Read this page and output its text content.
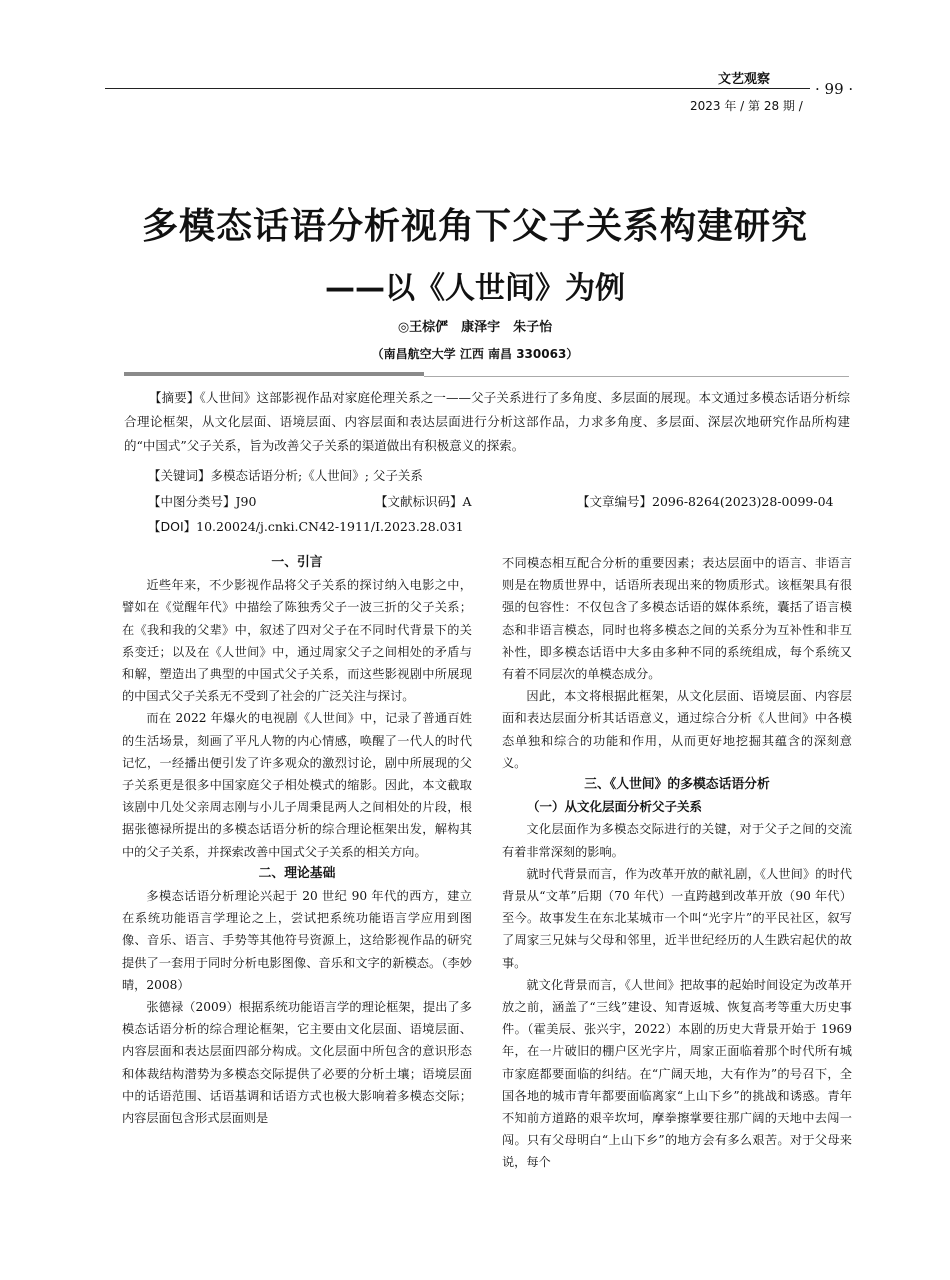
文艺观察
· 99 ·
2023 年 / 第 28 期 /
多模态话语分析视角下父子关系构建研究
——以《人世间》为例
◎王棕俨　康泽宇　朱子怡
（南昌航空大学 江西 南昌 330063）
【摘要】《人世间》这部影视作品对家庭伦理关系之一——父子关系进行了多角度、多层面的展现。本文通过多模态话语分析综合理论框架，从文化层面、语境层面、内容层面和表达层面进行分析这部作品，力求多角度、多层面、深层次地研究作品所构建的“中国式”父子关系，旨为改善父子关系的渠道做出有积极意义的探索。
【关键词】多模态话语分析;《人世间》; 父子关系
【中图分类号】J90	【文献标识码】A	【文章编号】2096-8264(2023)28-0099-04
【DOI】10.20024/j.cnki.CN42-1911/I.2023.28.031
一、引言

近些年来，不少影视作品将父子关系的探讨纳入电影之中，譬如在《觉醒年代》中描绘了陈独秀父子一波三折的父子关系；在《我和我的父辈》中，叙述了四对父子在不同时代背景下的关系变迁；以及在《人世间》中，通过周家父子之间相处的矛盾与和解，塑造出了典型的中国式父子关系，而这些影视剧中所展现的中国式父子关系无不受到了社会的广泛关注与探讨。

而在 2022 年爆火的电视剧《人世间》中，记录了普通百姓的生活场景，刻画了平凡人物的内心情感，唤醒了一代人的时代记忆，一经播出便引发了许多观众的激烈讨论，剧中所展现的父子关系更是很多中国家庭父子相处模式的缩影。因此，本文截取该剧中几处父亲周志刚与小儿子周秉昆两人之间相处的片段，根据张德禄所提出的多模态话语分析的综合理论框架出发，解构其中的父子关系，并探索改善中国式父子关系的相关方向。

二、理论基础

多模态话语分析理论兴起于 20 世纪 90 年代的西方，建立在系统功能语言学理论之上，尝试把系统功能语言学应用到图像、音乐、语言、手势等其他符号资源上，这给影视作品的研究提供了一套用于同时分析电影图像、音乐和文字的新模态。（李妙晴，2008）

张德禄（2009）根据系统功能语言学的理论框架，提出了多模态话语分析的综合理论框架，它主要由文化层面、语境层面、内容层面和表达层面四部分构成。文化层面中所包含的意识形态和体裁结构潜势为多模态交际提供了必要的分析土壤；语境层面中的话语范围、话语基调和话语方式也极大影响着多模态交际；内容层面包含形式层面则是

不同模态相互配合分析的重要因素；表达层面中的语言、非语言则是在物质世界中，话语所表现出来的物质形式。该框架具有很强的包容性：不仅包含了多模态话语的媒体系统，囊括了语言模态和非语言模态，同时也将多模态之间的关系分为互补性和非互补性，即多模态话语中大多由多种不同的系统组成，每个系统又有着不同层次的单模态成分。

因此，本文将根据此框架，从文化层面、语境层面、内容层面和表达层面分析其话语意义，通过综合分析《人世间》中各模态单独和综合的功能和作用，从而更好地挖掘其蕴含的深刻意义。

三、《人世间》的多模态话语分析
（一）从文化层面分析父子关系

文化层面作为多模态交际进行的关键，对于父子之间的交流有着非常深刻的影响。

就时代背景而言，作为改革开放的献礼剧，《人世间》的时代背景从“文革”后期（70 年代）一直跨越到改革开放（90 年代）至今。故事发生在东北某城市一个叫“光字片”的平民社区，叙写了周家三兄妹与父母和邻里，近半世纪经历的人生跌宕起伏的故事。

就文化背景而言，《人世间》把故事的起始时间设定为改革开放之前，涵盖了“三线”建设、知青返城、恢复高考等重大历史事件。（霍美辰、张兴宇，2022）本剧的历史大背景开始于 1969 年，在一片破旧的棚户区光字片，周家正面临着那个时代所有城市家庭都要面临的纠结。在“广阔天地，大有作为”的号召下，全国各地的城市青年都要面临离家“上山下乡”的挑战和诱惑。青年不知前方道路的艰辛坎坷，摩拳擦掌要往那广阔的天地中去闯一闯。只有父母明白“上山下乡”的地方会有多么艰苦。对于父母来说，每个
